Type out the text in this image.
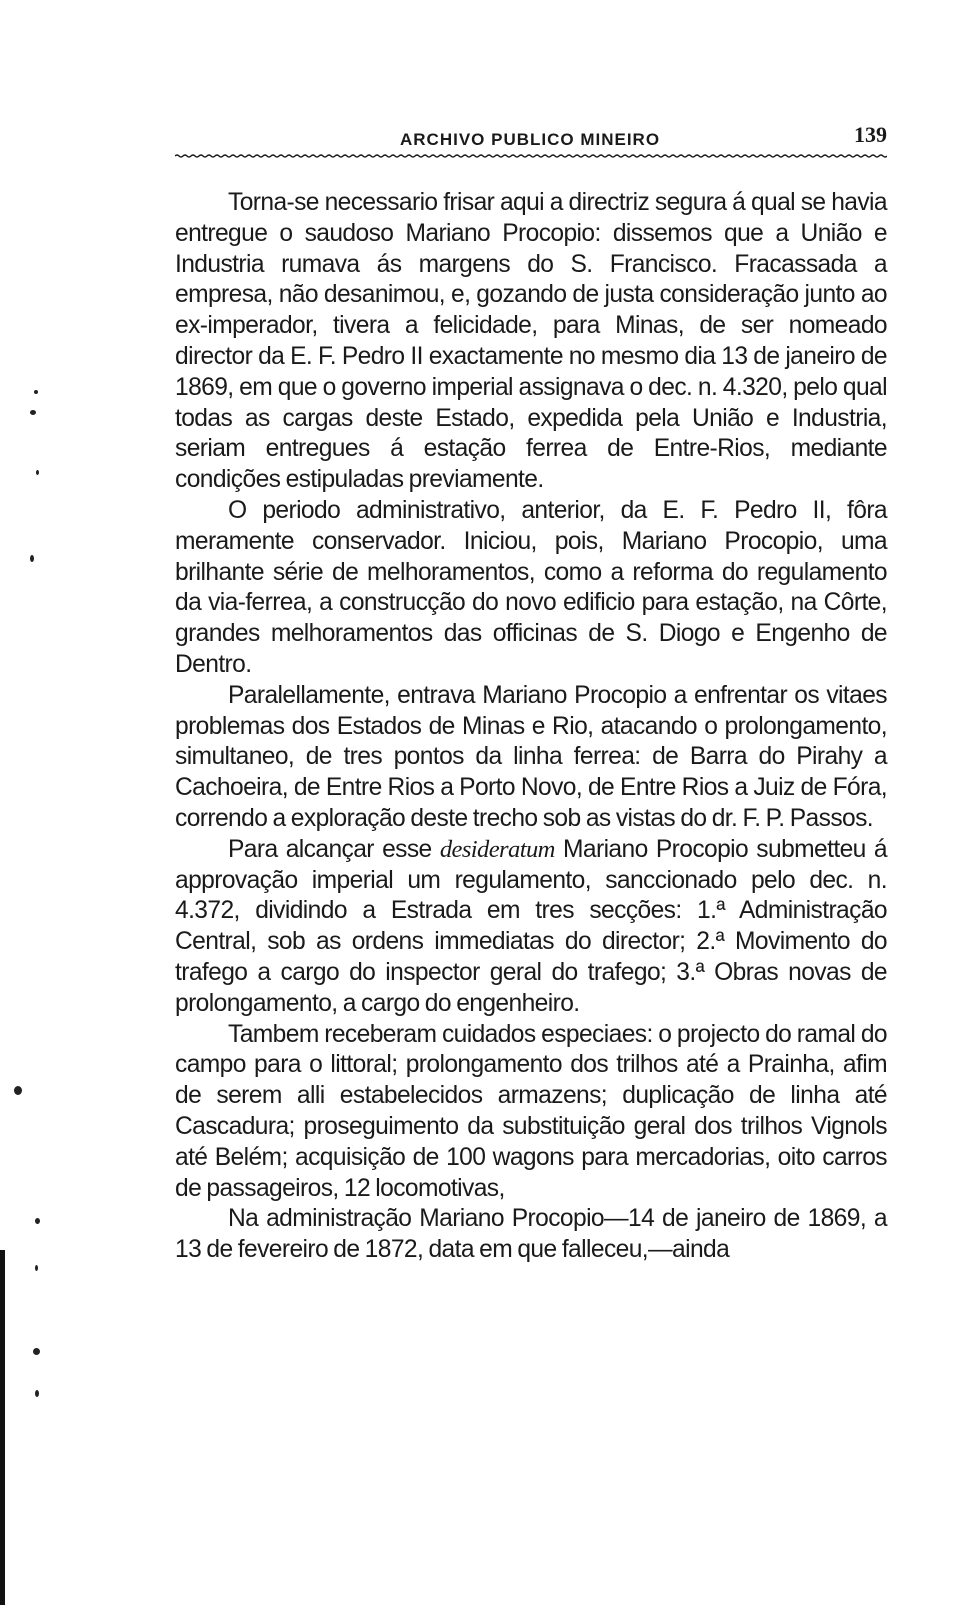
ARCHIVO PUBLICO MINEIRO	139

Torna-se necessario frisar aqui a directriz segura á qual se havia entregue o saudoso Mariano Procopio: dissemos que a União e Industria rumava ás margens do S. Francisco. Fracassada a empresa, não desanimou, e, gozando de justa consideração junto ao ex-imperador, tivera a felicidade, para Minas, de ser nomeado director da E. F. Pedro II exactamente no mesmo dia 13 de janeiro de 1869, em que o governo imperial assignava o dec. n. 4.320, pelo qual todas as cargas deste Estado, expedida pela União e Industria, seriam entregues á estação ferrea de Entre-Rios, mediante condições estipuladas previamente.

O periodo administrativo, anterior, da E. F. Pedro II, fôra meramente conservador. Iniciou, pois, Mariano Procopio, uma brilhante série de melhoramentos, como a reforma do regulamento da via-ferrea, a construcção do novo edificio para estação, na Côrte, grandes melhoramentos das officinas de S. Diogo e Engenho de Dentro.

Paralellamente, entrava Mariano Procopio a enfrentar os vitaes problemas dos Estados de Minas e Rio, atacando o prolongamento, simultaneo, de tres pontos da linha ferrea: de Barra do Pirahy a Cachoeira, de Entre Rios a Porto Novo, de Entre Rios a Juiz de Fóra, correndo a exploração deste trecho sob as vistas do dr. F. P. Passos.

Para alcançar esse desideratum Mariano Procopio submetteu á approvação imperial um regulamento, sanccionado pelo dec. n. 4.372, dividindo a Estrada em tres secções: 1.ª Administração Central, sob as ordens immediatas do director; 2.ª Movimento do trafego a cargo do inspector geral do trafego; 3.ª Obras novas de prolongamento, a cargo do engenheiro.

Tambem receberam cuidados especiaes: o projecto do ramal do campo para o littoral; prolongamento dos trilhos até a Prainha, afim de serem alli estabelecidos armazens; duplicação de linha até Cascadura; proseguimento da substituição geral dos trilhos Vignols até Belém; acquisição de 100 wagons para mercadorias, oito carros de passageiros, 12 locomotivas,

Na administração Mariano Procopio—14 de janeiro de 1869, a 13 de fevereiro de 1872, data em que falleceu,—ainda
